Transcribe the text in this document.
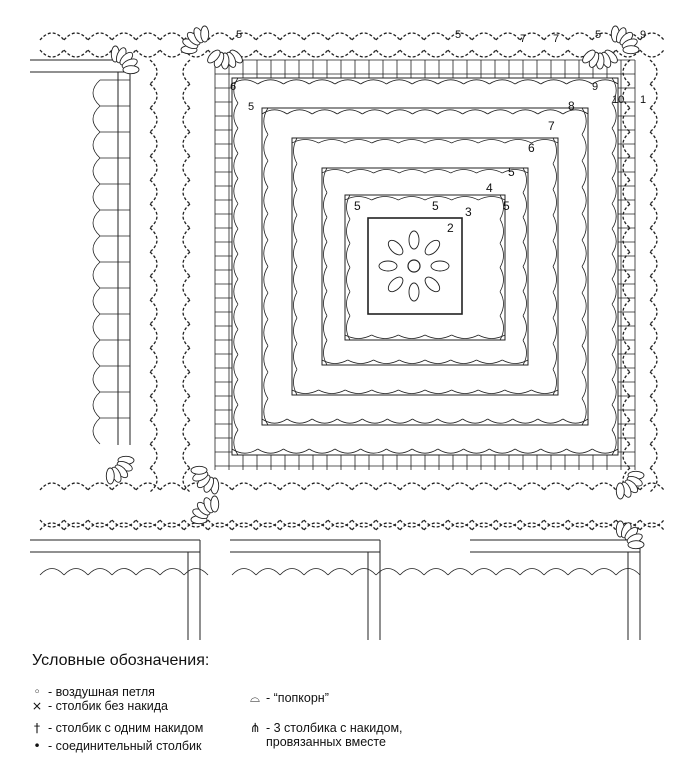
5	5	7 7	5	9
9
10 1
6
5	8
7
6
5
4
3
2
5	5	5
Условные обозначения:
◦ - воздушная петля
× - столбик без накида
† - столбик с одним накидом
• - соединительный столбик
⌓ - “попкорн”
⋔ - 3 столбика с накидом,
провязанных вместе
